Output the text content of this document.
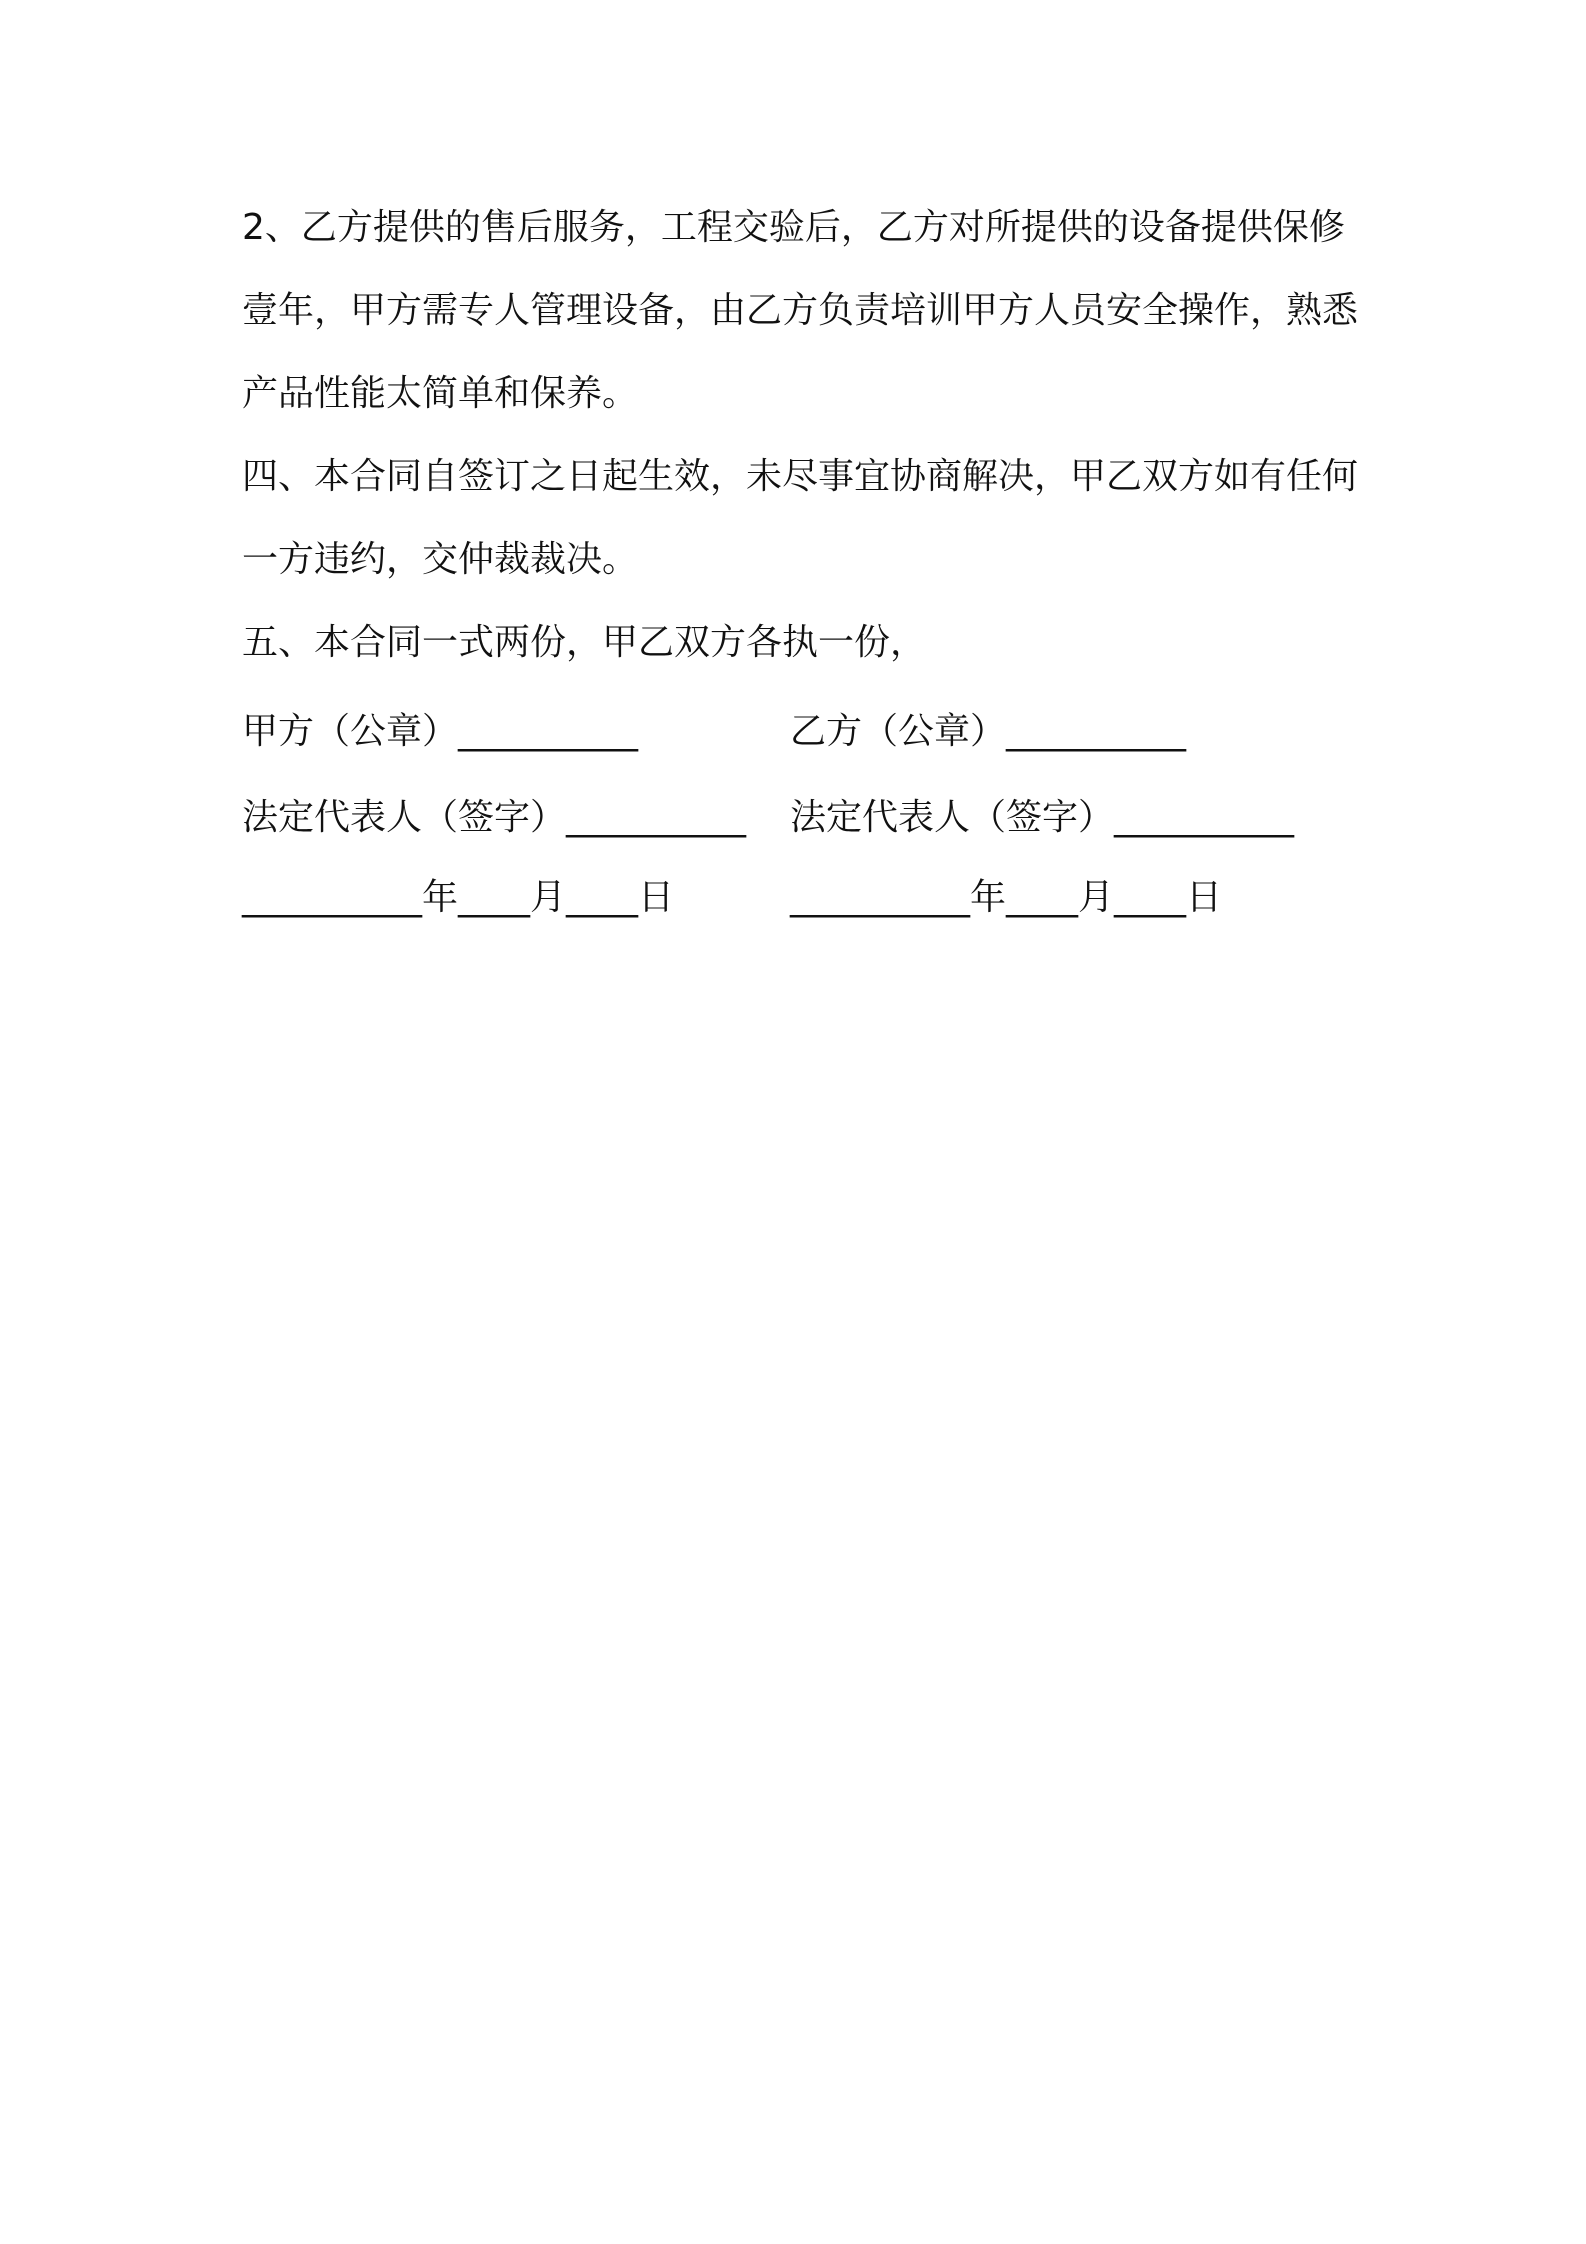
2、乙方提供的售后服务，工程交验后，乙方对所提供的设备提供保修壹年，甲方需专人管理设备，由乙方负责培训甲方人员安全操作，熟悉产品性能太简单和保养。

四、本合同自签订之日起生效，未尽事宜协商解决，甲乙双方如有任何一方违约，交仲裁裁决。

五、本合同一式两份，甲乙双方各执一份，

甲方（公章）__________	乙方（公章）__________
法定代表人（签字）__________ 法定代表人（签字）__________
__________年____月____日	__________年____月____日
